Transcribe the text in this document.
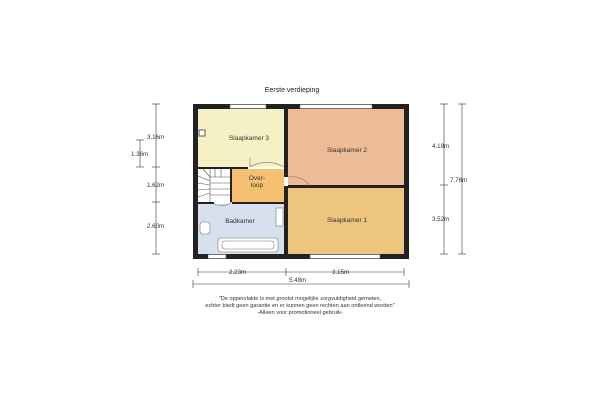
Eerste verdieping
Slaapkamer 3
Slaapkamer 2
Over-
loop
Badkamer	Slaapkamer 1
3.16m
1.36m
1.62m
2.60m
4.18m
3.52m
7.76m
2.23m	3.15m
5.48m
"De oppervlakte is met grootst mogelijke zorgvuldigheid gemeten,
echter biedt geen garantie en er kunnen geen rechten aan ontleend worden"
-Alleen voor promotioneel gebruik-
